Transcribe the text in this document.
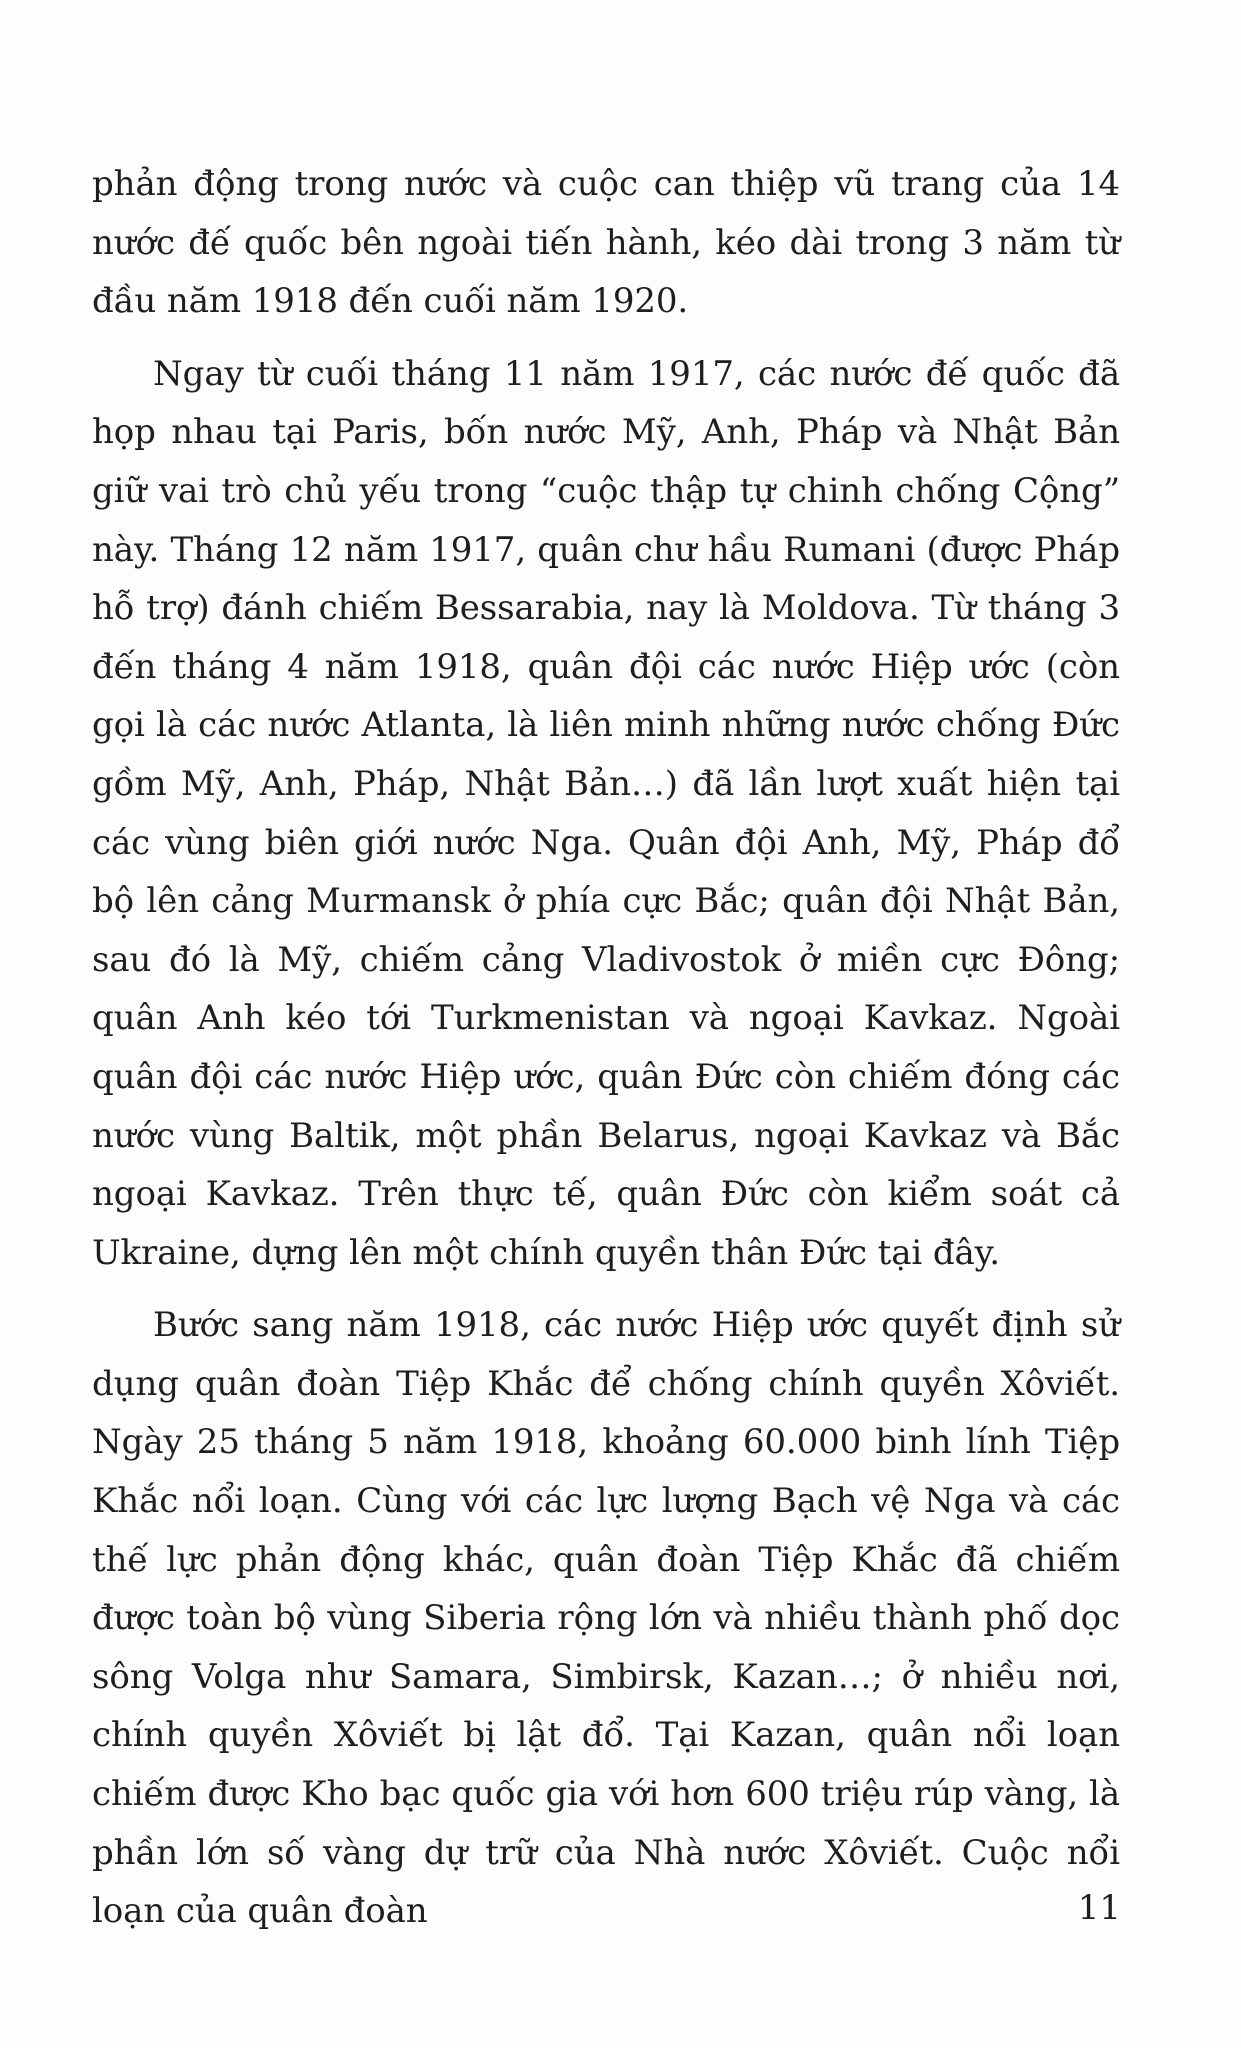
phản động trong nước và cuộc can thiệp vũ trang của 14 nước đế quốc bên ngoài tiến hành, kéo dài trong 3 năm từ đầu năm 1918 đến cuối năm 1920.

Ngay từ cuối tháng 11 năm 1917, các nước đế quốc đã họp nhau tại Paris, bốn nước Mỹ, Anh, Pháp và Nhật Bản giữ vai trò chủ yếu trong “cuộc thập tự chinh chống Cộng” này. Tháng 12 năm 1917, quân chư hầu Rumani (được Pháp hỗ trợ) đánh chiếm Bessarabia, nay là Moldova. Từ tháng 3 đến tháng 4 năm 1918, quân đội các nước Hiệp ước (còn gọi là các nước Atlanta, là liên minh những nước chống Đức gồm Mỹ, Anh, Pháp, Nhật Bản…) đã lần lượt xuất hiện tại các vùng biên giới nước Nga. Quân đội Anh, Mỹ, Pháp đổ bộ lên cảng Murmansk ở phía cực Bắc; quân đội Nhật Bản, sau đó là Mỹ, chiếm cảng Vladivostok ở miền cực Đông; quân Anh kéo tới Turkmenistan và ngoại Kavkaz. Ngoài quân đội các nước Hiệp ước, quân Đức còn chiếm đóng các nước vùng Baltik, một phần Belarus, ngoại Kavkaz và Bắc ngoại Kavkaz. Trên thực tế, quân Đức còn kiểm soát cả Ukraine, dựng lên một chính quyền thân Đức tại đây.

Bước sang năm 1918, các nước Hiệp ước quyết định sử dụng quân đoàn Tiệp Khắc để chống chính quyền Xôviết. Ngày 25 tháng 5 năm 1918, khoảng 60.000 binh lính Tiệp Khắc nổi loạn. Cùng với các lực lượng Bạch vệ Nga và các thế lực phản động khác, quân đoàn Tiệp Khắc đã chiếm được toàn bộ vùng Siberia rộng lớn và nhiều thành phố dọc sông Volga như Samara, Simbirsk, Kazan…; ở nhiều nơi, chính quyền Xôviết bị lật đổ. Tại Kazan, quân nổi loạn chiếm được Kho bạc quốc gia với hơn 600 triệu rúp vàng, là phần lớn số vàng dự trữ của Nhà nước Xôviết. Cuộc nổi loạn của quân đoàn	11
